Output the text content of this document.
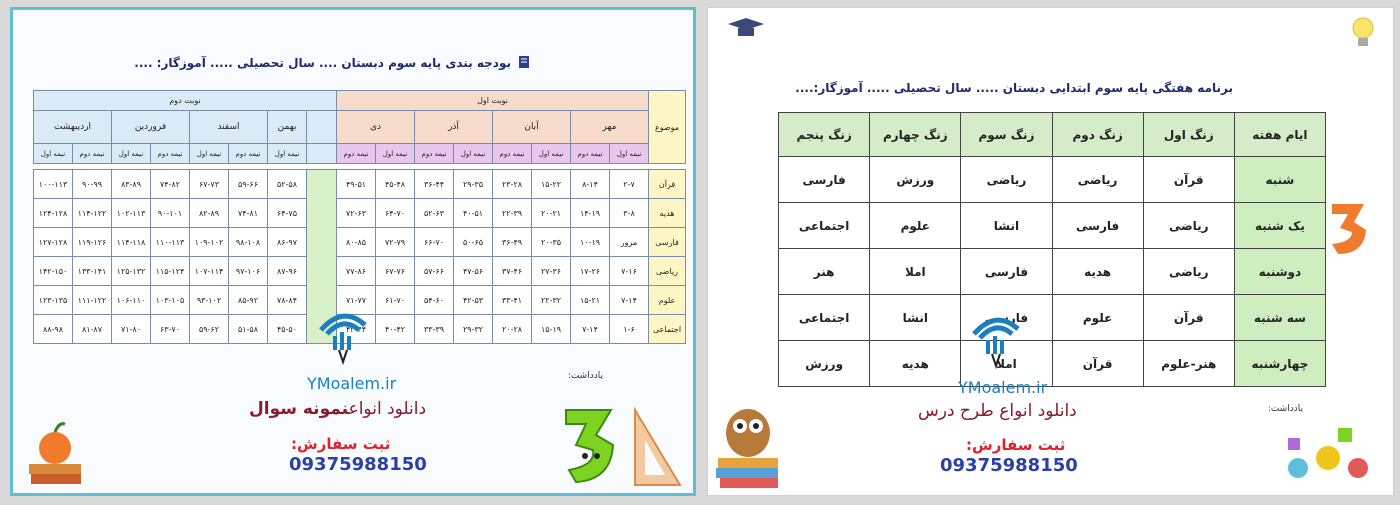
بودجه بندی پایه سوم دبستان .... سال تحصیلی ..... آموزگار: ....
موضوع	نوبت اول								نوبت دوم							
	مهر		آبان		آذر		دی			بهمن	اسفند		فروردین		اردیبهشت	
	نیمه اول	نیمه دوم	نیمه اول	نیمه دوم	نیمه اول	نیمه دوم	نیمه اول	نیمه دوم		نیمه اول	نیمه دوم	نیمه اول	نیمه دوم	نیمه اول	نیمه دوم	نیمه اول

قرآن	۲-۷	۸-۱۴	۱۵-۲۲	۲۳-۲۸	۲۹-۳۵	۳۶-۴۴	۴۵-۴۸	۴۹-۵۱		۵۲-۵۸	۵۹-۶۶	۶۷-۷۳	۷۴-۸۲	۸۳-۸۹	۹۰-۹۹	۱۰۰-۱۱۳
هدیه	۳-۸	۱۴-۱۹	۲۰-۲۱	۲۲-۳۹	۴۰-۵۱	۵۲-۶۳	۶۴-۷۰	۷۲-۶۳		۶۴-۷۵	۷۴-۸۱	۸۲-۸۹	۹۰-۱۰۱	۱۰۲-۱۱۳	۱۱۴-۱۲۲	۱۲۴-۱۲۸
فارسی	مرور	۱۰-۱۹	۲۰-۳۵	۳۶-۴۹	۵۰-۶۵	۶۶-۷۰	۷۲-۷۹	۸۰-۸۵		۸۶-۹۷	۹۸-۱۰۸	۱۰۹-۱۰۲	۱۱۰-۱۱۳	۱۱۴-۱۱۸	۱۱۹-۱۲۶	۱۲۷-۱۲۸
ریاضی	۷-۱۶	۱۷-۲۶	۲۷-۳۶	۳۷-۴۶	۴۷-۵۶	۵۷-۶۶	۶۷-۷۶	۷۷-۸۶		۸۷-۹۶	۹۷-۱۰۶	۱۰۷-۱۱۴	۱۱۵-۱۲۴	۱۲۵-۱۳۲	۱۳۳-۱۴۱	۱۴۲-۱۵۰
علوم	۷-۱۴	۱۵-۲۱	۲۲-۳۲	۳۳-۴۱	۴۲-۵۳	۵۴-۶۰	۶۱-۷۰	۷۱-۷۷		۷۸-۸۴	۸۵-۹۲	۹۳-۱۰۲	۱۰۳-۱۰۵	۱۰۶-۱۱۰	۱۱۱-۱۲۲	۱۲۳-۱۳۵
اجتماعی	۱-۶	۷-۱۴	۱۵-۱۹	۲۰-۲۸	۲۹-۳۲	۳۳-۳۹	۴۰-۴۲	۴۳-۴۴		۴۵-۵۰	۵۱-۵۸	۵۹-۶۲	۶۳-۷۰	۷۱-۸۰	۸۱-۸۷	۸۸-۹۸
یادداشت:
YMoalem.ir
دانلود انواعنمونه سوال
ثبت سفارش:
09375988150
برنامه هفتگی پایه سوم ابتدایی دبستان ..... سال تحصیلی ..... آموزگار:....
ایام هفته	زنگ اول	زنگ دوم	زنگ سوم	زنگ چهارم	زنگ پنجم
شنبه	قرآن	ریاضی	ریاضی	ورزش	فارسی
یک شنبه	ریاضی	فارسی	انشا	علوم	اجتماعی
دوشنبه	ریاضی	هدیه	فارسی	املا	هنر
سه شنبه	قرآن	علوم	فارسی	انشا	اجتماعی
چهارشنبه	هنر-علوم	قرآن	املا	هدیه	ورزش
YMoalem.ir
یادداشت:
دانلود انواع طرح درس
ثبت سفارش:
09375988150
